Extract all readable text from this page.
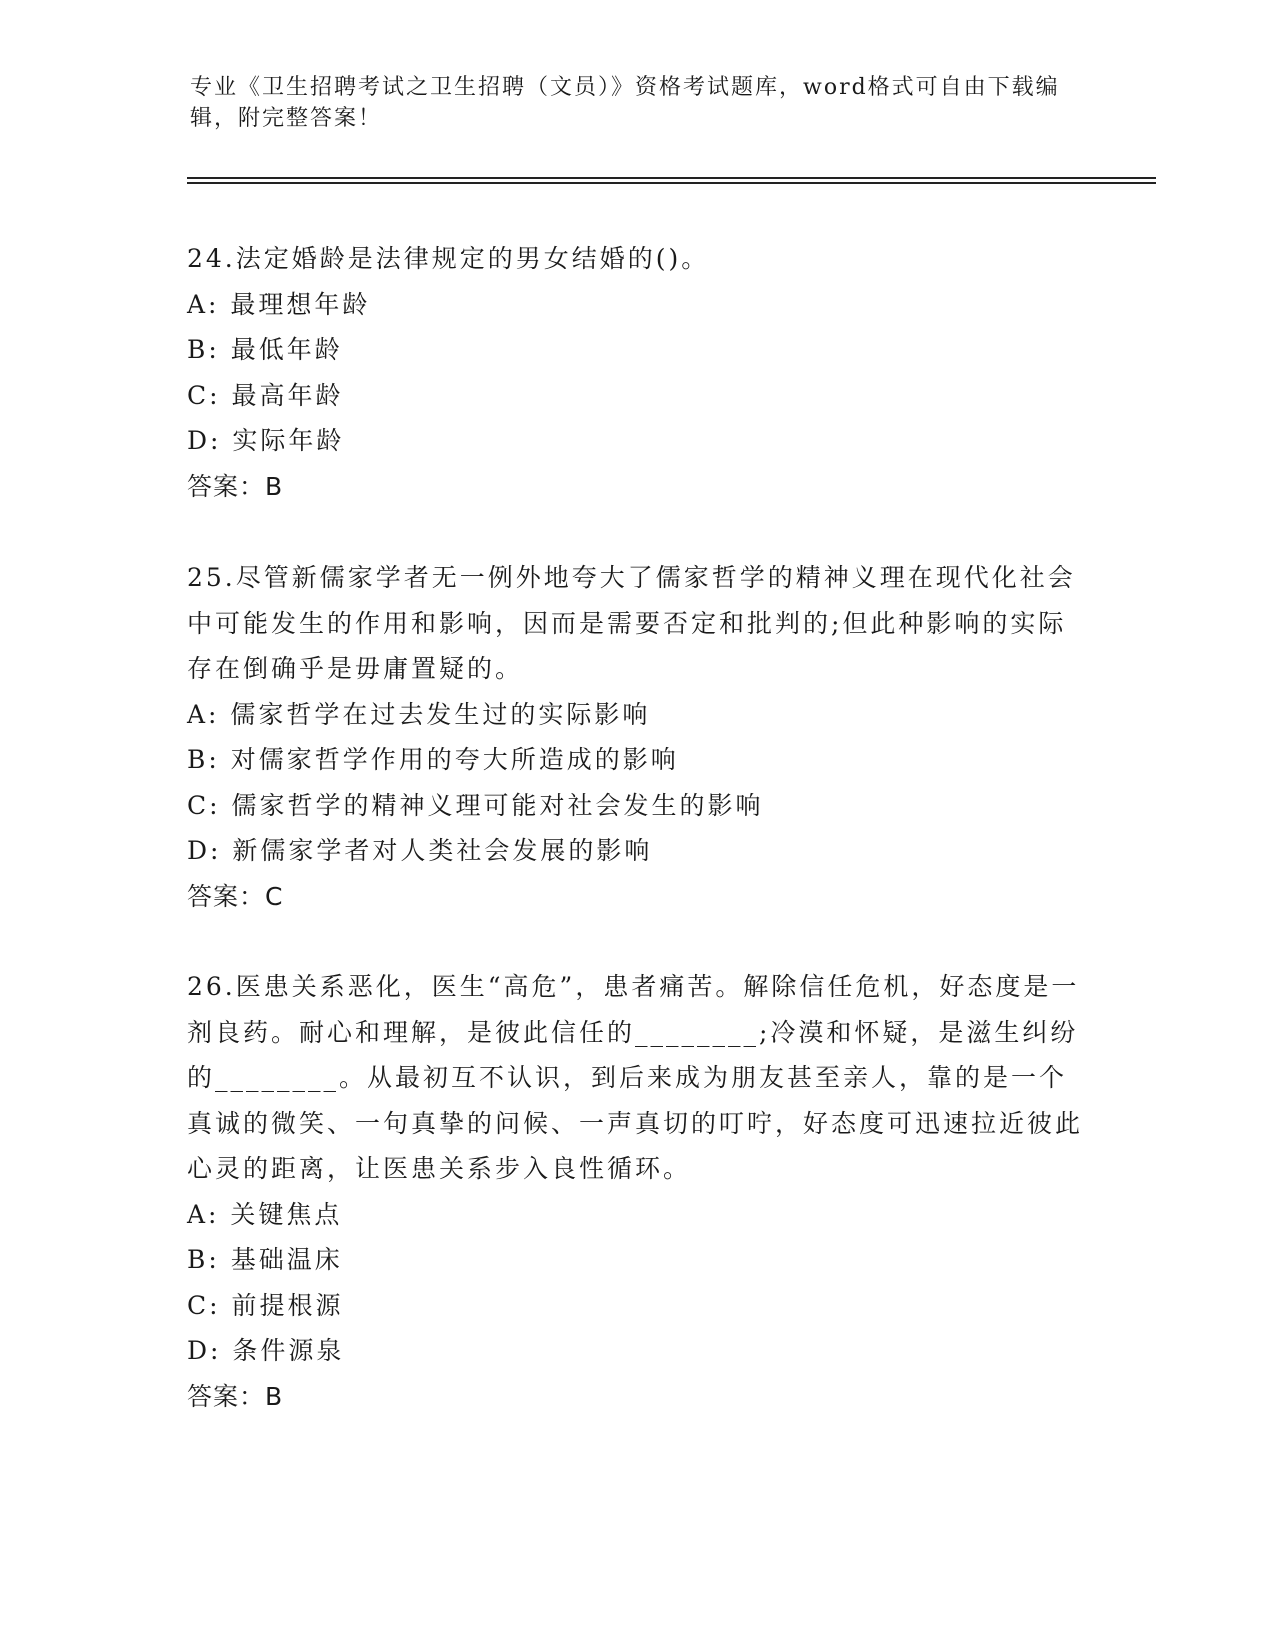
专业《卫生招聘考试之卫生招聘（文员）》资格考试题库，word格式可自由下载编辑，附完整答案！

24.法定婚龄是法律规定的男女结婚的()。

A: 最理想年龄

B: 最低年龄

C: 最高年龄

D: 实际年龄

答案：B

25.尽管新儒家学者无一例外地夸大了儒家哲学的精神义理在现代化社会中可能发生的作用和影响，因而是需要否定和批判的;但此种影响的实际存在倒确乎是毋庸置疑的。

A: 儒家哲学在过去发生过的实际影响

B: 对儒家哲学作用的夸大所造成的影响

C: 儒家哲学的精神义理可能对社会发生的影响

D: 新儒家学者对人类社会发展的影响

答案：C

26.医患关系恶化，医生“高危”，患者痛苦。解除信任危机，好态度是一剂良药。耐心和理解，是彼此信任的________;冷漠和怀疑，是滋生纠纷的________。从最初互不认识，到后来成为朋友甚至亲人，靠的是一个真诚的微笑、一句真挚的问候、一声真切的叮咛，好态度可迅速拉近彼此心灵的距离，让医患关系步入良性循环。

A: 关键焦点

B: 基础温床

C: 前提根源

D: 条件源泉

答案：B
